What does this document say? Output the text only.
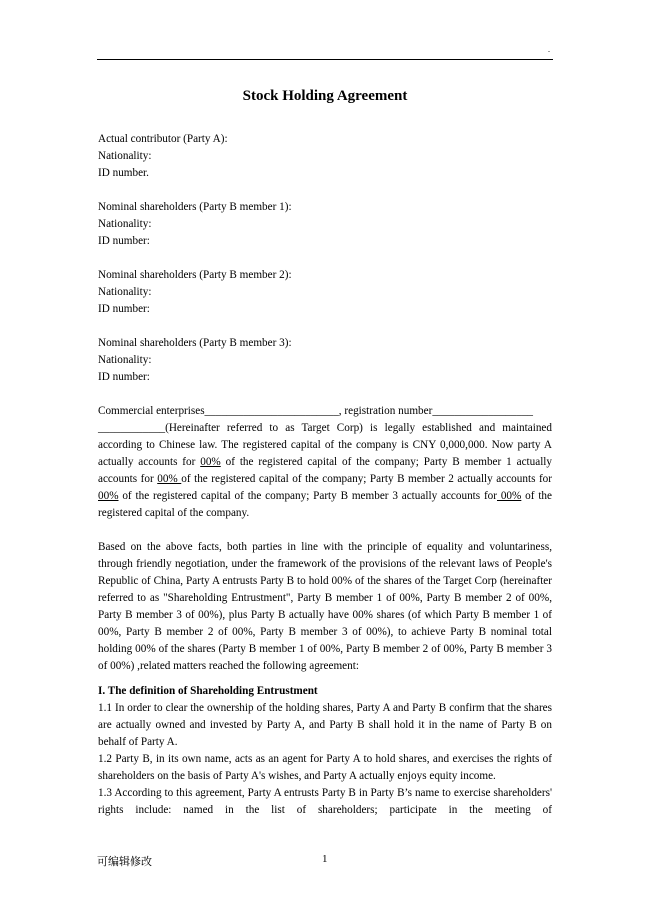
.
Stock Holding Agreement
Actual contributor (Party A):
Nationality:
ID number.
Nominal shareholders (Party B member 1):
Nationality:
ID number:
Nominal shareholders (Party B member 2):
Nationality:
ID number:
Nominal shareholders (Party B member 3):
Nationality:
ID number:
Commercial enterprises________________________, registration number__________________
____________(Hereinafter referred to as Target Corp) is legally established and maintained according to Chinese law. The registered capital of the company is CNY 0,000,000. Now party A actually accounts for 00% of the registered capital of the company; Party B member 1 actually accounts for 00% of the registered capital of the company; Party B member 2 actually accounts for 00% of the registered capital of the company; Party B member 3 actually accounts for 00% of the registered capital of the company.
Based on the above facts, both parties in line with the principle of equality and voluntariness, through friendly negotiation, under the framework of the provisions of the relevant laws of People's Republic of China, Party A entrusts Party B to hold 00% of the shares of the Target Corp (hereinafter referred to as "Shareholding Entrustment", Party B member 1 of 00%, Party B member 2 of 00%, Party B member 3 of 00%), plus Party B actually have 00% shares (of which Party B member 1 of 00%, Party B member 2 of 00%, Party B member 3 of 00%), to achieve Party B nominal total holding 00% of the shares (Party B member 1 of 00%, Party B member 2 of 00%, Party B member 3 of 00%) ,related matters reached the following agreement:
I. The definition of Shareholding Entrustment
1.1 In order to clear the ownership of the holding shares, Party A and Party B confirm that the shares are actually owned and invested by Party A, and Party B shall hold it in the name of Party B on behalf of Party A.
1.2 Party B, in its own name, acts as an agent for Party A to hold shares, and exercises the rights of shareholders on the basis of Party A's wishes, and Party A actually enjoys equity income.
1.3 According to this agreement, Party A entrusts Party B in Party B’s name to exercise shareholders' rights include: named in the list of shareholders; participate in the meeting of
可编辑修改	1
